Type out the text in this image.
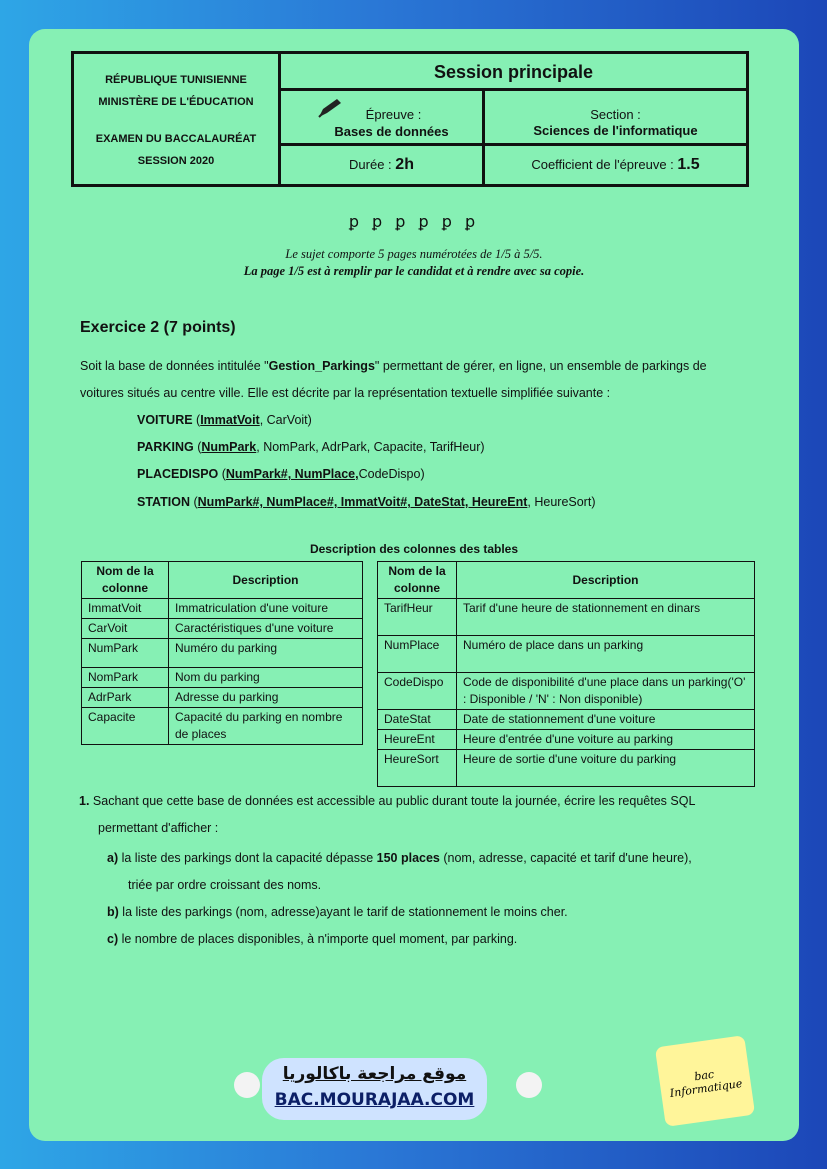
RÉPUBLIQUE TUNISIENNE
MINISTÈRE DE L'ÉDUCATION
EXAMEN DU BACCALAURÉAT
SESSION 2020
Session principale
Épreuve :
Bases de données
Section :
Sciences de l'informatique
Durée : 2h	Coefficient de l'épreuve : 1.5
ꝑ ꝑ ꝑ ꝑ ꝑ ꝑ
Le sujet comporte 5 pages numérotées de 1/5 à 5/5.
La page 1/5 est à remplir par le candidat et à rendre avec sa copie.
Exercice 2 (7 points)
Soit la base de données intitulée "Gestion_Parkings" permettant de gérer, en ligne, un ensemble de parkings de
voitures situés au centre ville. Elle est décrite par la représentation textuelle simplifiée suivante :
VOITURE (ImmatVoit, CarVoit)
PARKING (NumPark, NomPark, AdrPark, Capacite, TarifHeur)
PLACEDISPO (NumPark#, NumPlace,CodeDispo)
STATION (NumPark#, NumPlace#, ImmatVoit#, DateStat, HeureEnt, HeureSort)
Description des colonnes des tables
Nom de la colonne	Description
ImmatVoit	Immatriculation d'une voiture
CarVoit	Caractéristiques d'une voiture
NumPark	Numéro du parking
NomPark	Nom du parking
AdrPark	Adresse du parking
Capacite	Capacité du parking en nombre de places
Nom de la colonne	Description
TarifHeur	Tarif d'une heure de stationnement en dinars
NumPlace	Numéro de place dans un parking
CodeDispo	Code de disponibilité d'une place dans un parking('O' : Disponible / 'N' : Non disponible)
DateStat	Date de stationnement d'une voiture
HeureEnt	Heure d'entrée d'une voiture au parking
HeureSort	Heure de sortie d'une voiture du parking
1. Sachant que cette base de données est accessible au public durant toute la journée, écrire les requêtes SQL
permettant d'afficher :
a) la liste des parkings dont la capacité dépasse 150 places (nom, adresse, capacité et tarif d'une heure),
triée par ordre croissant des noms.
b) la liste des parkings (nom, adresse)ayant le tarif de stationnement le moins cher.
c) le nombre de places disponibles, à n'importe quel moment, par parking.
موقع مراجعة باكالوريا
BAC.MOURAJAA.COM
bac Informatique
